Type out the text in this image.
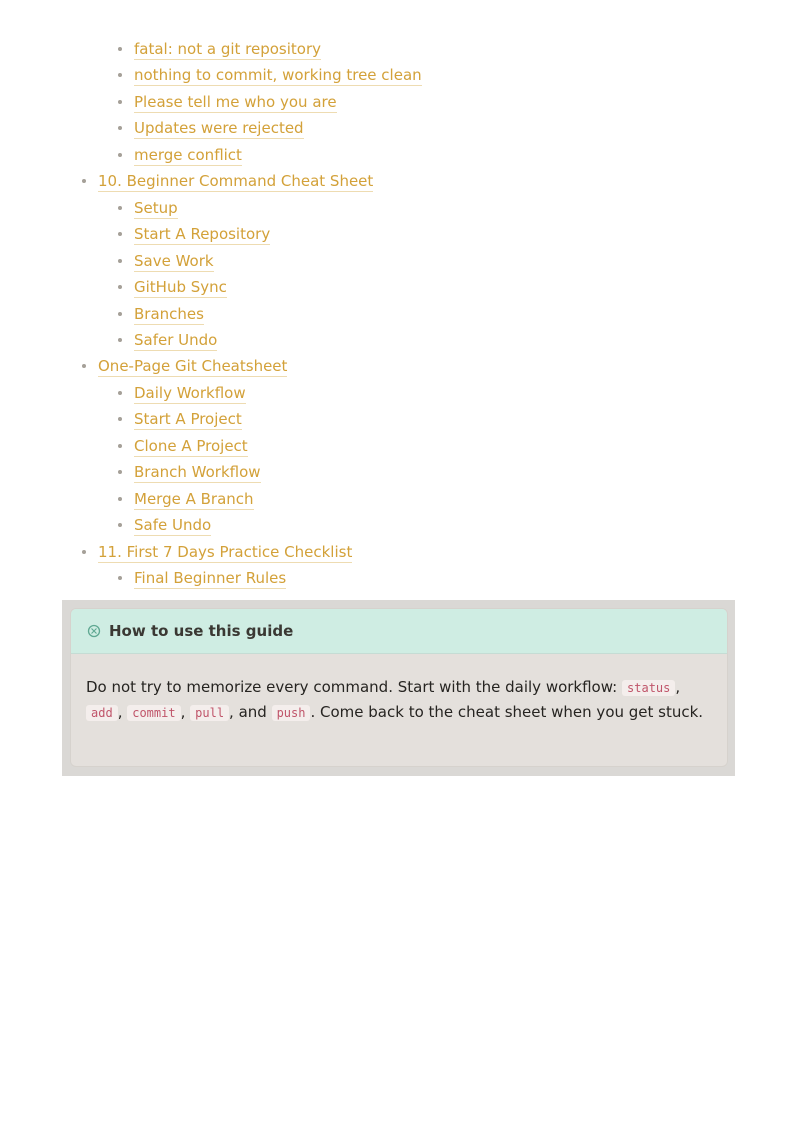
fatal: not a git repository
nothing to commit, working tree clean
Please tell me who you are
Updates were rejected
merge conflict
10. Beginner Command Cheat Sheet
Setup
Start A Repository
Save Work
GitHub Sync
Branches
Safer Undo
One-Page Git Cheatsheet
Daily Workflow
Start A Project
Clone A Project
Branch Workflow
Merge A Branch
Safe Undo
11. First 7 Days Practice Checklist
Final Beginner Rules
How to use this guide
Do not try to memorize every command. Start with the daily workflow: status , add , commit , pull , and push . Come back to the cheat sheet when you get stuck.
